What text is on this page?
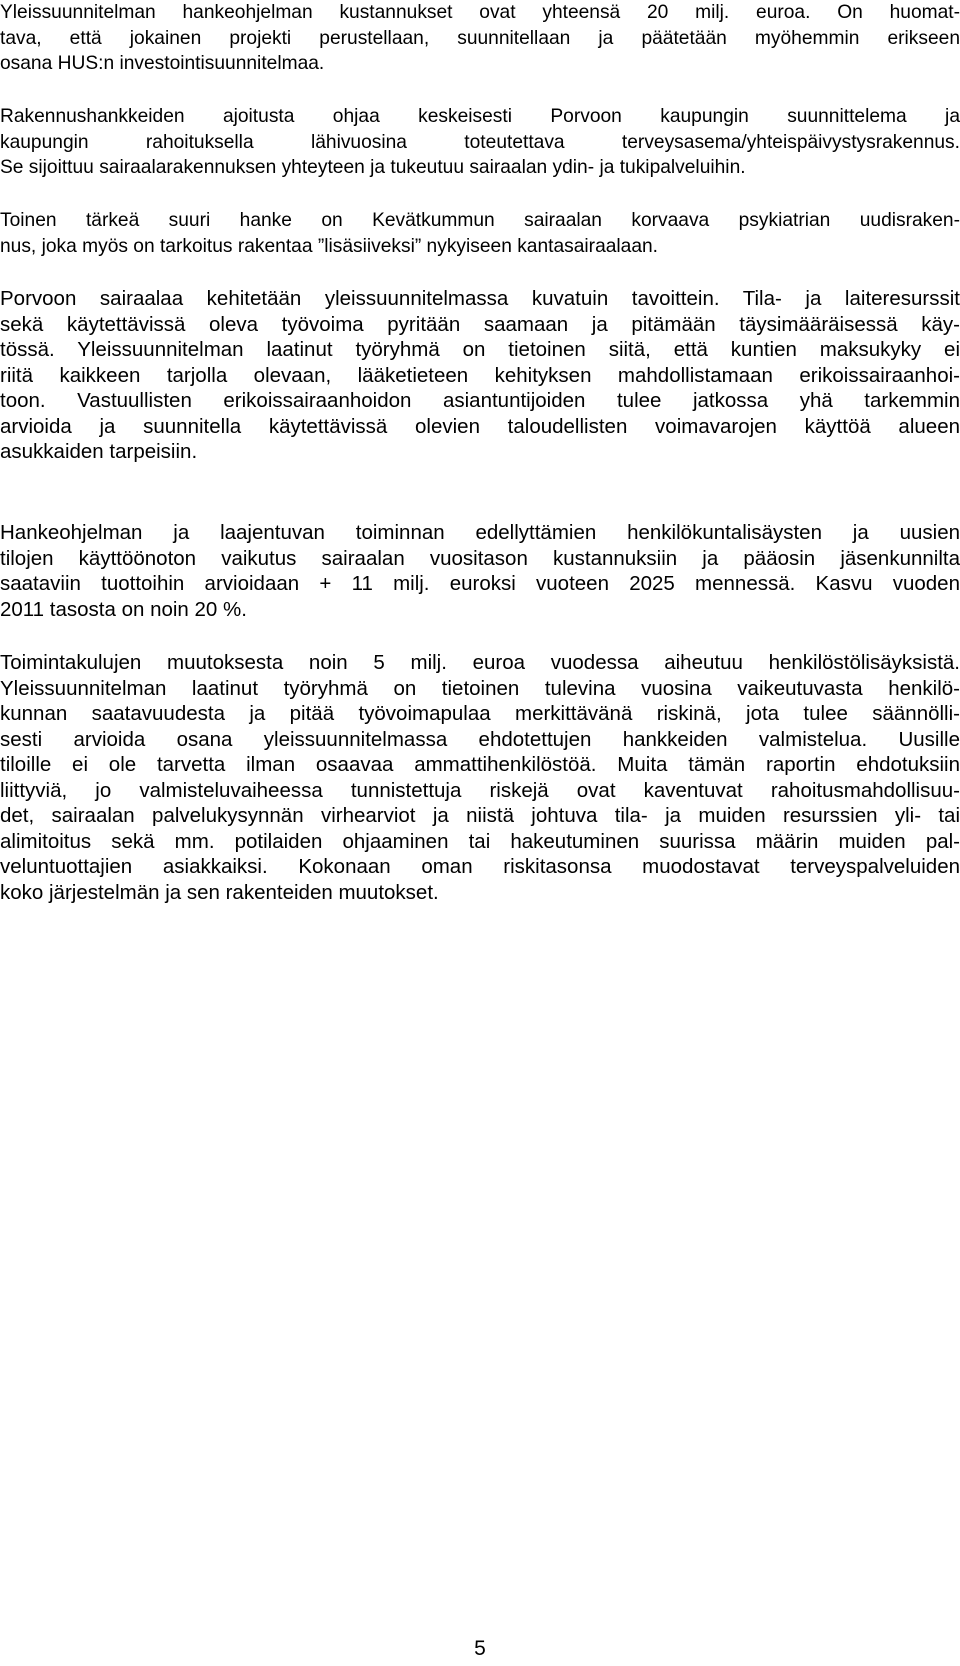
Yleissuunnitelman hankeohjelman kustannukset ovat yhteensä 20 milj. euroa. On huomat-
tava, että jokainen projekti perustellaan, suunnitellaan ja päätetään myöhemmin erikseen
osana HUS:n investointisuunnitelmaa.
Rakennushankkeiden ajoitusta ohjaa keskeisesti Porvoon kaupungin suunnittelema ja
kaupungin rahoituksella lähivuosina toteutettava terveysasema/yhteispäivystysrakennus.
Se sijoittuu sairaalarakennuksen yhteyteen ja tukeutuu sairaalan ydin- ja tukipalveluihin.
Toinen tärkeä suuri hanke on Kevätkummun sairaalan korvaava psykiatrian uudisraken-
nus, joka myös on tarkoitus rakentaa ”lisäsiiveksi” nykyiseen kantasairaalaan.
Porvoon sairaalaa kehitetään yleissuunnitelmassa kuvatuin tavoittein. Tila- ja laiteresurssit
sekä käytettävissä oleva työvoima pyritään saamaan ja pitämään täysimääräisessä käy-
tössä. Yleissuunnitelman laatinut työryhmä on tietoinen siitä, että kuntien maksukyky ei
riitä kaikkeen tarjolla olevaan, lääketieteen kehityksen mahdollistamaan erikoissairaanhoi-
toon. Vastuullisten erikoissairaanhoidon asiantuntijoiden tulee jatkossa yhä tarkemmin
arvioida ja suunnitella käytettävissä olevien taloudellisten voimavarojen käyttöä alueen
asukkaiden tarpeisiin.
Hankeohjelman ja laajentuvan toiminnan edellyttämien henkilökuntalisäysten ja uusien
tilojen käyttöönoton vaikutus sairaalan vuositason kustannuksiin ja pääosin jäsenkunnilta
saataviin tuottoihin arvioidaan + 11 milj. euroksi vuoteen 2025 mennessä. Kasvu vuoden
2011 tasosta on noin 20 %.
Toimintakulujen muutoksesta noin 5 milj. euroa vuodessa aiheutuu henkilöstölisäyksistä.
Yleissuunnitelman laatinut työryhmä on tietoinen tulevina vuosina vaikeutuvasta henkilö-
kunnan saatavuudesta ja pitää työvoimapulaa merkittävänä riskinä, jota tulee säännölli-
sesti arvioida osana yleissuunnitelmassa ehdotettujen hankkeiden valmistelua. Uusille
tiloille ei ole tarvetta ilman osaavaa ammattihenkilöstöä. Muita tämän raportin ehdotuksiin
liittyviä, jo valmisteluvaiheessa tunnistettuja riskejä ovat kaventuvat rahoitusmahdollisuu-
det, sairaalan palvelukysynnän virhearviot ja niistä johtuva tila- ja muiden resurssien yli- tai
alimitoitus sekä mm. potilaiden ohjaaminen tai hakeutuminen suurissa määrin muiden pal-
veluntuottajien asiakkaiksi. Kokonaan oman riskitasonsa muodostavat terveyspalveluiden
koko järjestelmän ja sen rakenteiden muutokset.
5
